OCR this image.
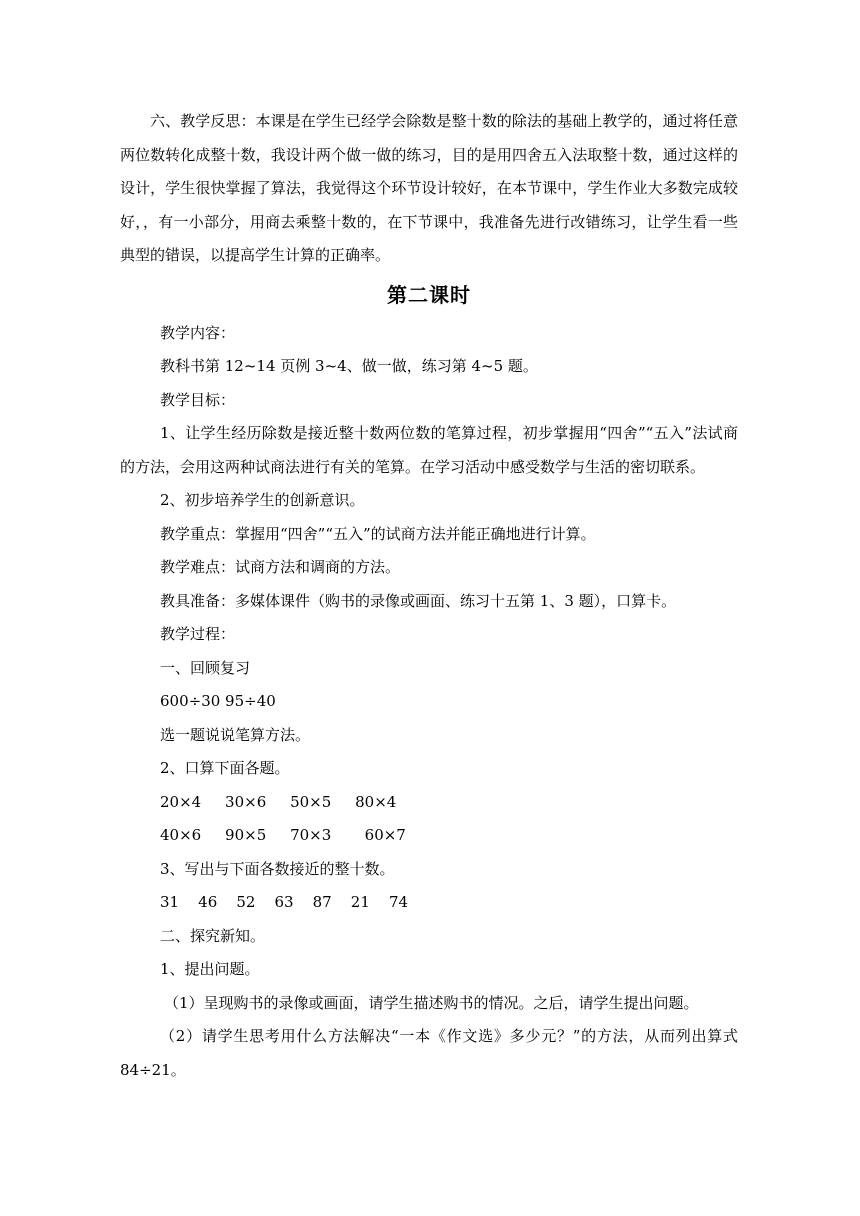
六、教学反思：本课是在学生已经学会除数是整十数的除法的基础上教学的，通过将任意两位数转化成整十数，我设计两个做一做的练习，目的是用四舍五入法取整十数，通过这样的设计，学生很快掌握了算法，我觉得这个环节设计较好，在本节课中，学生作业大多数完成较好，，有一小部分，用商去乘整十数的，在下节课中，我准备先进行改错练习，让学生看一些典型的错误，以提高学生计算的正确率。

第二课时

教学内容：

教科书第 12~14 页例 3~4、做一做，练习第 4~5 题。

教学目标：

1、让学生经历除数是接近整十数两位数的笔算过程，初步掌握用“四舍”“五入”法试商的方法，会用这两种试商法进行有关的笔算。在学习活动中感受数学与生活的密切联系。

2、初步培养学生的创新意识。

教学重点：掌握用“四舍”“五入”的试商方法并能正确地进行计算。

教学难点：试商方法和调商的方法。

教具准备：多媒体课件（购书的录像或画面、练习十五第 1、3 题），口算卡。

教学过程：

一、回顾复习

600÷30 95÷40

选一题说说笔算方法。

2、口算下面各题。

20×4     30×6     50×5     80×4

40×6     90×5     70×3       60×7

3、写出与下面各数接近的整十数。

31    46    52    63    87    21    74

二、探究新知。

1、提出问题。

（1）呈现购书的录像或画面，请学生描述购书的情况。之后，请学生提出问题。

（2）请学生思考用什么方法解决“一本《作文选》多少元？”的方法，从而列出算式 84÷21。
